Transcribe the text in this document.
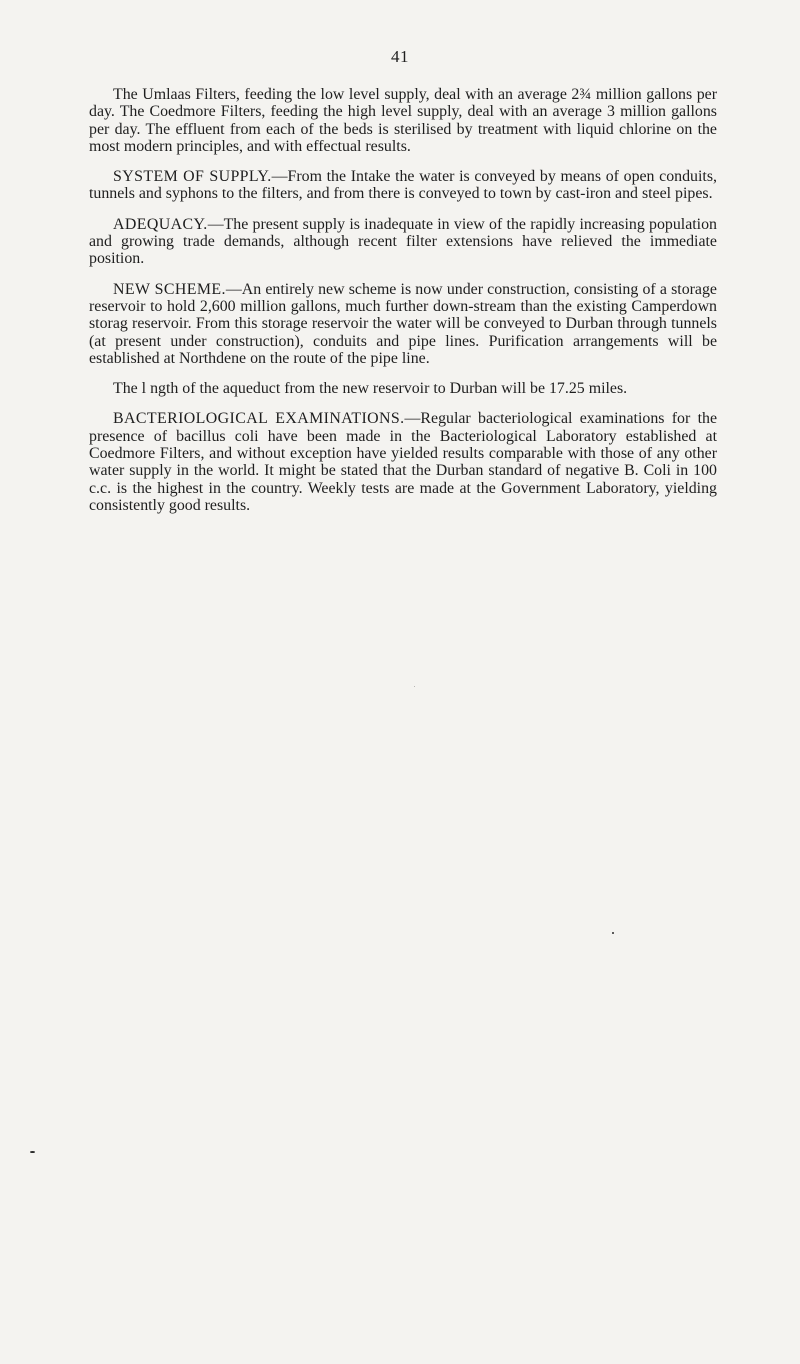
41

The Umlaas Filters, feeding the low level supply, deal with an average 2¾ million gallons per day. The Coedmore Filters, feeding the high level supply, deal with an average 3 million gallons per day. The effluent from each of the beds is sterilised by treatment with liquid chlorine on the most modern principles, and with effectual results.

SYSTEM OF SUPPLY.—From the Intake the water is conveyed by means of open conduits, tunnels and syphons to the filters, and from there is conveyed to town by cast-iron and steel pipes.

ADEQUACY.—The present supply is inadequate in view of the rapidly increasing population and growing trade demands, although recent filter extensions have relieved the immediate position.

NEW SCHEME.—An entirely new scheme is now under construction, consisting of a storage reservoir to hold 2,600 million gallons, much further down-stream than the existing Camperdown storag reservoir. From this storage reservoir the water will be conveyed to Durban through tunnels (at present under construction), conduits and pipe lines. Purification arrangements will be established at Northdene on the route of the pipe line.

The l ngth of the aqueduct from the new reservoir to Durban will be 17.25 miles.

BACTERIOLOGICAL EXAMINATIONS.—Regular bacteriological examinations for the presence of bacillus coli have been made in the Bacteriological Laboratory established at Coedmore Filters, and without exception have yielded results comparable with those of any other water supply in the world. It might be stated that the Durban standard of negative B. Coli in 100 c.c. is the highest in the country. Weekly tests are made at the Government Laboratory, yielding consistently good results.
